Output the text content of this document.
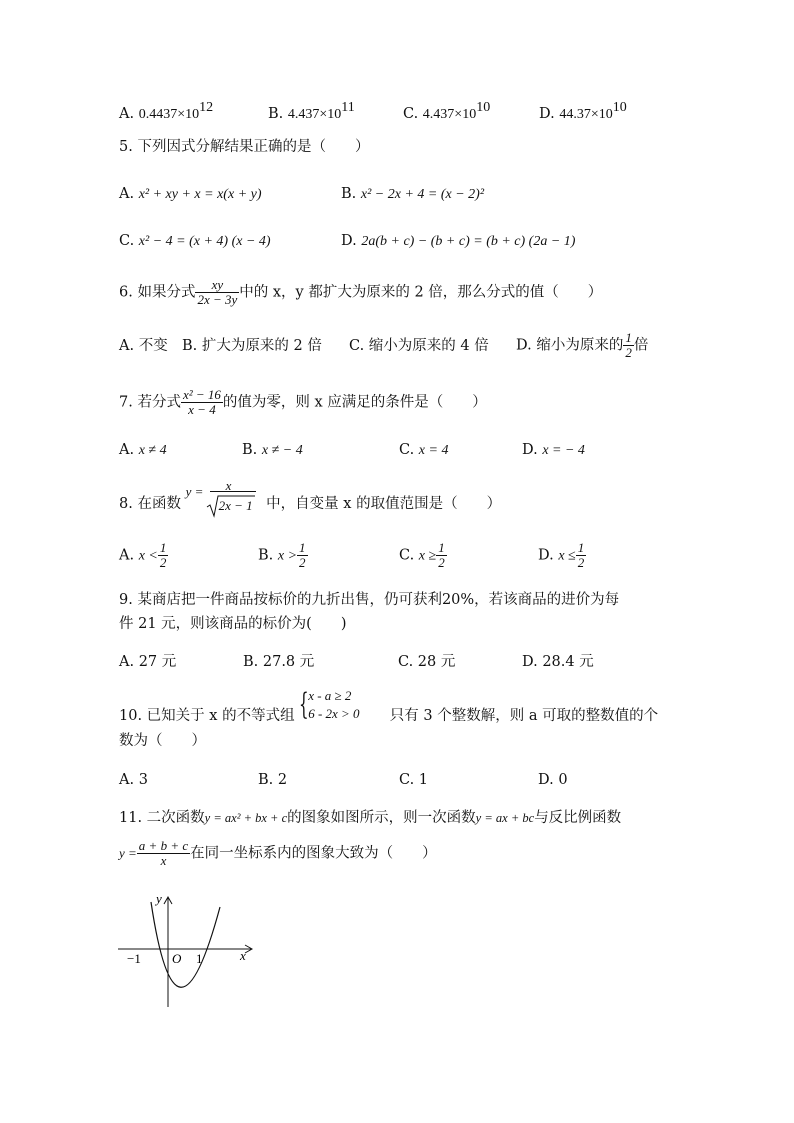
A. $0.4437\times 10^{12}$	B. $4.437\times 10^{11}$	C. $4.437\times 10^{10}$	D. $44.37\times 10^{10}$
5. 下列因式分解结果正确的是（　　）
A. x² + xy + x = x(x + y)	B. x² − 2x + 4 = (x − 2)²
C. x² − 4 = (x + 4) (x − 4)	D. 2a(b + c) − (b + c) = (b + c) (2a − 1)
6. 如果分式 $\frac{xy}{2x - 3y}$ 中的 x，y 都扩大为原来的 2 倍，那么分式的值（　　）
A. 不变 B. 扩大为原来的 2 倍 C. 缩小为原来的 4 倍 D. 缩小为原来的 $\frac{1}{2}$ 倍
7. 若分式 $\frac{\text{x² − 16}}{x - 4}$ 的值为零，则 x 应满足的条件是（　　）
A. x ≠ 4	B. x ≠ − 4	C. x = 4	D. x = − 4
8. 在函数
y = x
2x − 1 中，自变量 x 的取值范围是（　　）
A. $x < \frac{1}{2}$	B. $x > \frac{1}{2}$	C. $x \ge \frac{1}{2}$	D. $x \le \frac{1}{2}$
9. 某商店把一件商品按标价的九折出售，仍可获利20%，若该商品的进价为每
件 21 元，则该商品的标价为(　　)
A. 27 元	B. 27.8 元	C. 28 元	D. 28.4 元
10. 已知关于 x 的不等式组 { x - a ≥ 2
6 - 2x > 0 只有 3 个整数解，则 a 可取的整数值的个
数为（　　）
A. 3	B. 2	C. 1	D. 0
11. 二次函数y = ax² + bx + c的图象如图所示，则一次函数y = ax + bc与反比例函数
$y = \frac{a + b + c}{x}$ 在同一坐标系内的图象大致为（　　）
y
x
O
−1	1
